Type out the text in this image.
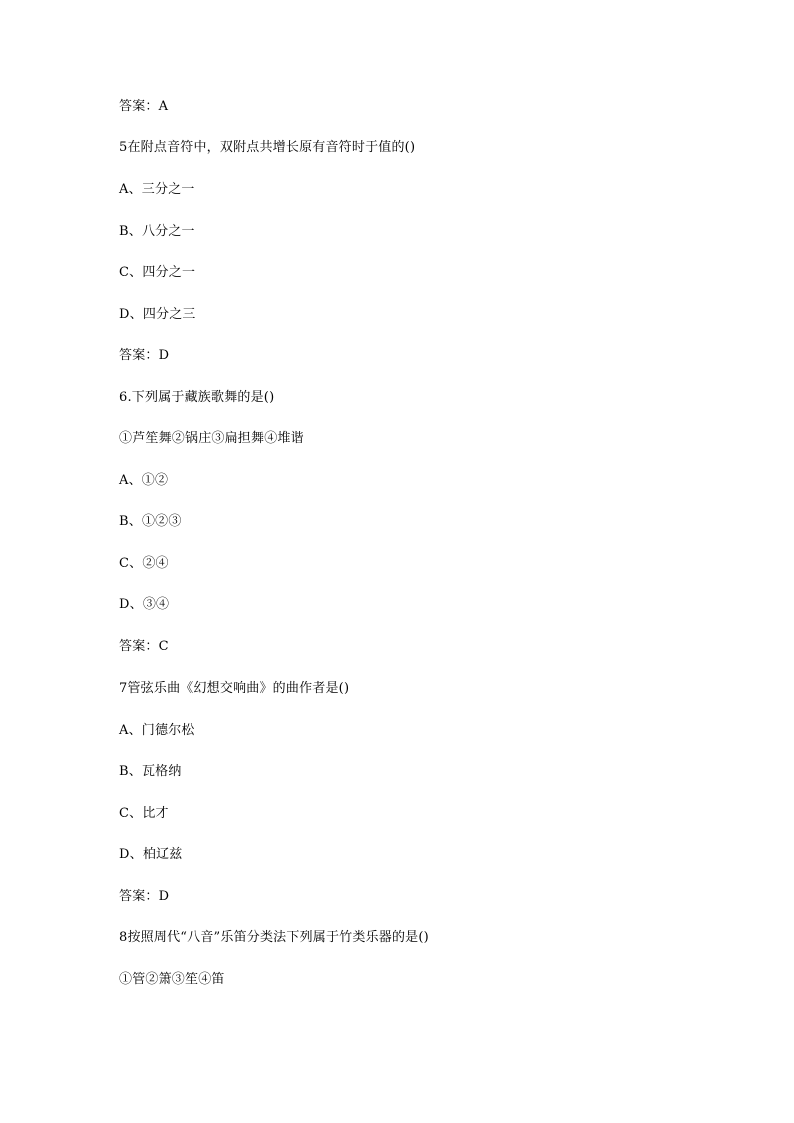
答案：A
5在附点音符中，双附点共增长原有音符时于值的()
A、三分之一
B、八分之一
C、四分之一
D、四分之三
答案：D
6.下列属于藏族歌舞的是()
①芦笙舞②锅庄③扁担舞④堆谐
A、①②
B、①②③
C、②④
D、③④
答案：C
7管弦乐曲《幻想交响曲》的曲作者是()
A、门德尔松
B、瓦格纳
C、比才
D、柏辽兹
答案：D
8按照周代“八音”乐笛分类法下列属于竹类乐器的是()
①管②箫③笙④笛
